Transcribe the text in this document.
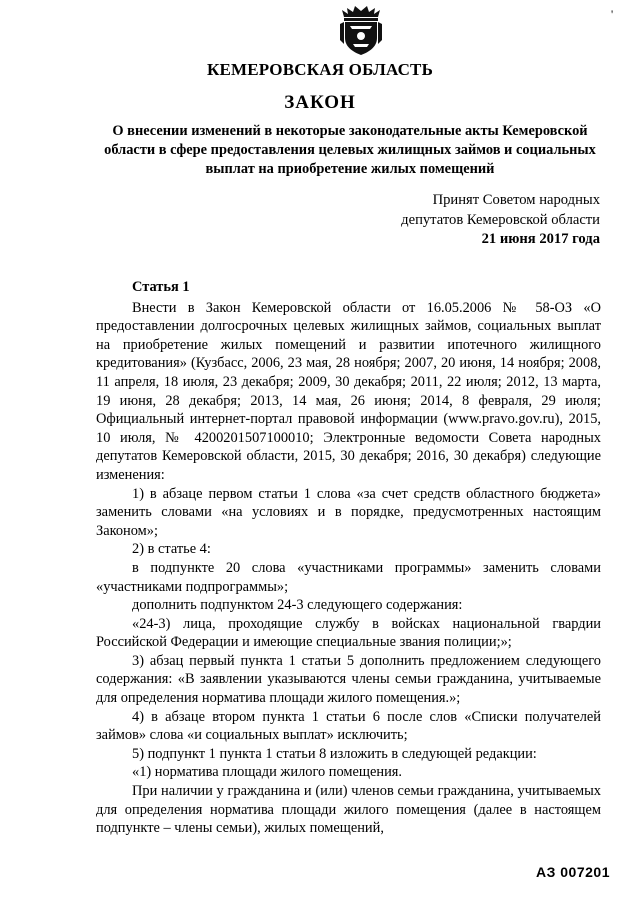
'
КЕМЕРОВСКАЯ ОБЛАСТЬ
ЗАКОН
О внесении изменений в некоторые законодательные акты Кемеровской области в сфере предоставления целевых жилищных займов и социальных выплат на приобретение жилых помещений
Принят Советом народных
депутатов Кемеровской области
21 июня 2017 года

Статья 1

Внести в Закон Кемеровской области от 16.05.2006 № 58-ОЗ «О предоставлении долгосрочных целевых жилищных займов, социальных выплат на приобретение жилых помещений и развитии ипотечного жилищного кредитования» (Кузбасс, 2006, 23 мая, 28 ноября; 2007, 20 июня, 14 ноября; 2008, 11 апреля, 18 июля, 23 декабря; 2009, 30 декабря; 2011, 22 июля; 2012, 13 марта, 19 июня, 28 декабря; 2013, 14 мая, 26 июня; 2014, 8 февраля, 29 июля; Официальный интернет-портал правовой информации (www.pravo.gov.ru), 2015, 10 июля, № 4200201507100010; Электронные ведомости Совета народных депутатов Кемеровской области, 2015, 30 декабря; 2016, 30 декабря) следующие изменения:

1) в абзаце первом статьи 1 слова «за счет средств областного бюджета» заменить словами «на условиях и в порядке, предусмотренных настоящим Законом»;

2) в статье 4:

в подпункте 20 слова «участниками программы» заменить словами «участниками подпрограммы»;

дополнить подпунктом 24-3 следующего содержания:

«24-3) лица, проходящие службу в войсках национальной гвардии Российской Федерации и имеющие специальные звания полиции;»;

3) абзац первый пункта 1 статьи 5 дополнить предложением следующего содержания: «В заявлении указываются члены семьи гражданина, учитываемые для определения норматива площади жилого помещения.»;

4) в абзаце втором пункта 1 статьи 6 после слов «Списки получателей займов» слова «и социальных выплат» исключить;

5) подпункт 1 пункта 1 статьи 8 изложить в следующей редакции:

«1) норматива площади жилого помещения.

При наличии у гражданина и (или) членов семьи гражданина, учитываемых для определения норматива площади жилого помещения (далее в настоящем подпункте – члены семьи), жилых помещений,

АЗ 007201
